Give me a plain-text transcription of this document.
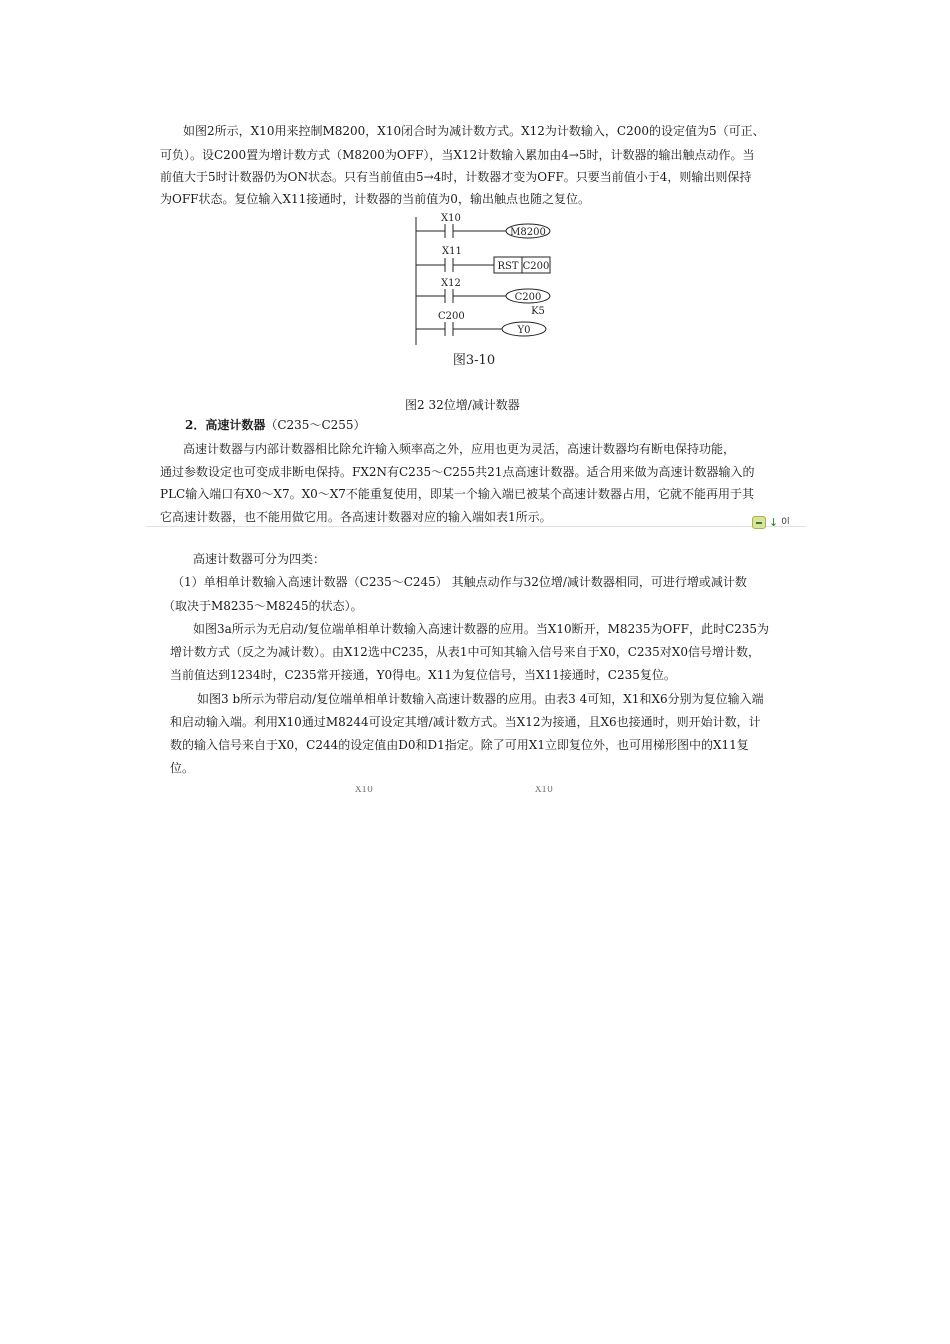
如图2所示，X10用来控制M8200，X10闭合时为减计数方式。X12为计数输入，C200的设定值为5（可正、
可负）。设C200置为增计数方式（M8200为OFF），当X12计数输入累加由4→5时，计数器的输出触点动作。当
前值大于5时计数器仍为ON状态。只有当前值由5→4时，计数器才变为OFF。只要当前值小于4，则输出则保持
为OFF状态。复位输入X11接通时，计数器的当前值为0，输出触点也随之复位。
X10
M8200
X11
RST C200
X12
C200
K5
C200
Y0
图3-10
图2 32位增/减计数器
2．高速计数器（C235～C255）
高速计数器与内部计数器相比除允许输入频率高之外，应用也更为灵活，高速计数器均有断电保持功能，
通过参数设定也可变成非断电保持。FX2N有C235～C255共21点高速计数器。适合用来做为高速计数器输入的
PLC输入端口有X0～X7。X0～X7不能重复使用，即某一个输入端已被某个高速计数器占用，它就不能再用于其
它高速计数器，也不能用做它用。各高速计数器对应的输入端如表1所示。	↓ 0l
高速计数器可分为四类：
（1）单相单计数输入高速计数器（C235～C245） 其触点动作与32位增/减计数器相同，可进行增或减计数
（取决于M8235～M8245的状态）。
如图3a所示为无启动/复位端单相单计数输入高速计数器的应用。当X10断开，M8235为OFF，此时C235为
增计数方式（反之为减计数）。由X12选中C235，从表1中可知其输入信号来自于X0，C235对X0信号增计数，
当前值达到1234时，C235常开接通，Y0得电。X11为复位信号，当X11接通时，C235复位。
如图3 b所示为带启动/复位端单相单计数输入高速计数器的应用。由表3 4可知，X1和X6分别为复位输入端
和启动输入端。利用X10通过M8244可设定其增/减计数方式。当X12为接通，且X6也接通时，则开始计数，计
数的输入信号来自于X0，C244的设定值由D0和D1指定。除了可用X1立即复位外，也可用梯形图中的X11复
位。
X10	X10
